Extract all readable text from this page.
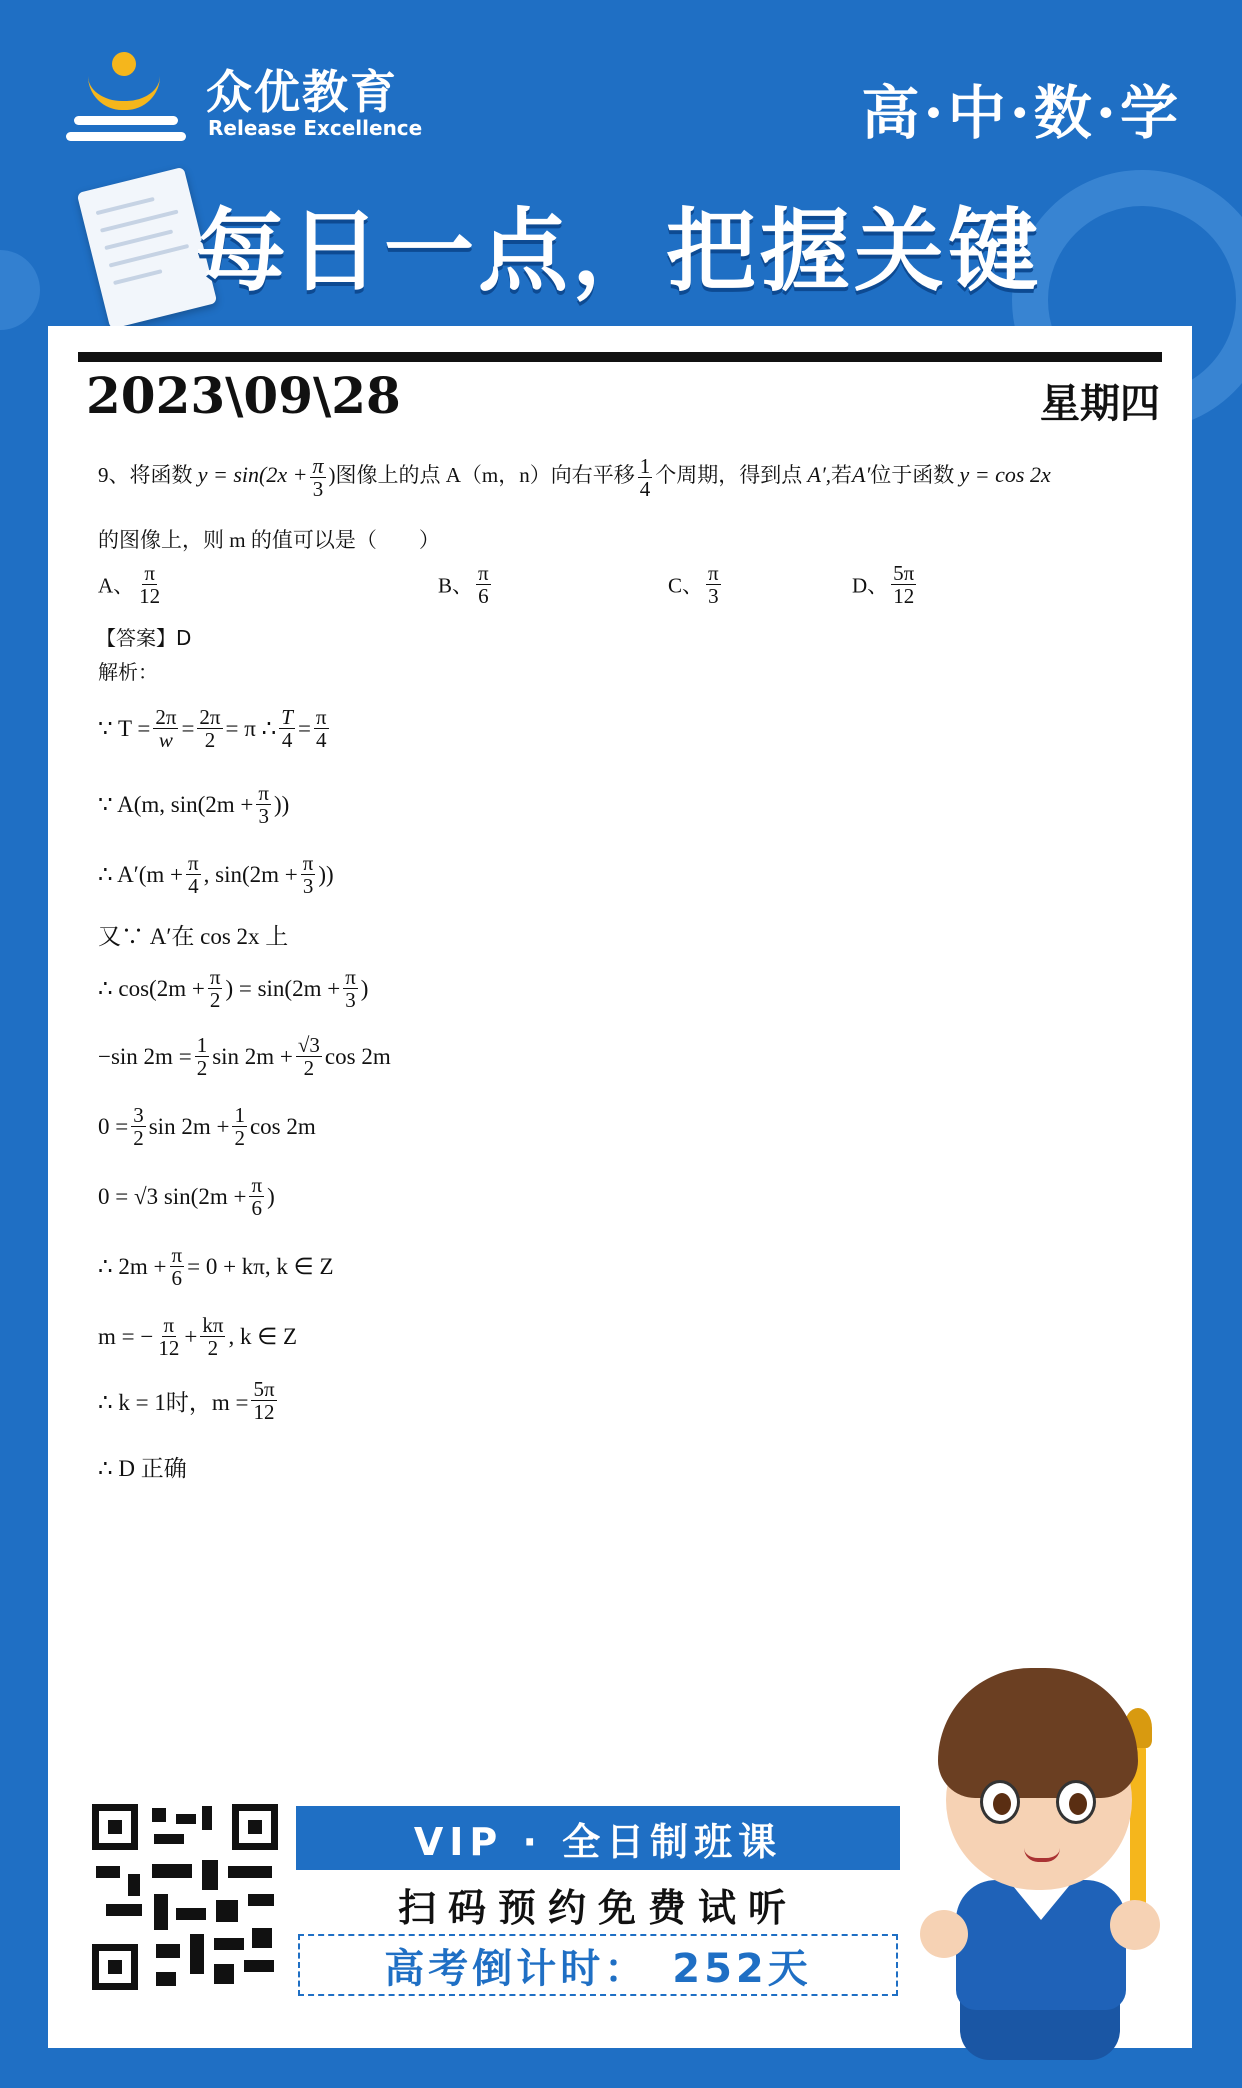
众优教育
Release Excellence	高·中·数·学
每日一点，把握关键
2023\09\28	星期四
9、将函数 $y = \sin(2x + \frac{\pi}{3}$ )图像上的点 A（m，n）向右平移 $\frac{1}{4}$ 个周期，得到点 A′,若A′位于函数 y = cos 2x
的图像上，则 m 的值可以是（　　）
A、 $\frac{\pi}{12}$	B、 $\frac{\pi}{6}$	C、 $\frac{\pi}{3}$	D、 $\frac{5\pi}{12}$
【答案】D
解析：
∵ $T = \frac{2\pi}{w} = \frac{2\pi}{2} = \pi$ ∴ $\frac{T}{4} = \frac{\pi}{4}$
∵ A(m, $\sin(2m + \frac{\pi}{3}$ ))
∴ $A'(m + \frac{\pi}{4}$ , $\sin(2m + \frac{\pi}{3}$ ))
又∵ A′在 cos 2x 上
∴ $\cos(2m + \frac{\pi}{2}$ ) = $\sin(2m + \frac{\pi}{3}$ )
−sin $2m = \frac{1}{2}$ $\sin 2m + \frac{√3}{2}$ cos 2m
$0 = \frac{3}{2}$ $\sin 2m + \frac{1}{2}$ cos 2m
0 = √3 $\sin(2m + \frac{\pi}{6}$ )
∴ $2m + \frac{\pi}{6} = 0 + k\pi$, k ∈ Z
m = − $\frac{\pi}{12} + \frac{k\pi}{2}$ , k ∈ Z
∴ k = 1时，$m = \frac{5\pi}{12}$
∴ D 正确
VIP · 全日制班课
扫码预约免费试听
高考倒计时： 252天
